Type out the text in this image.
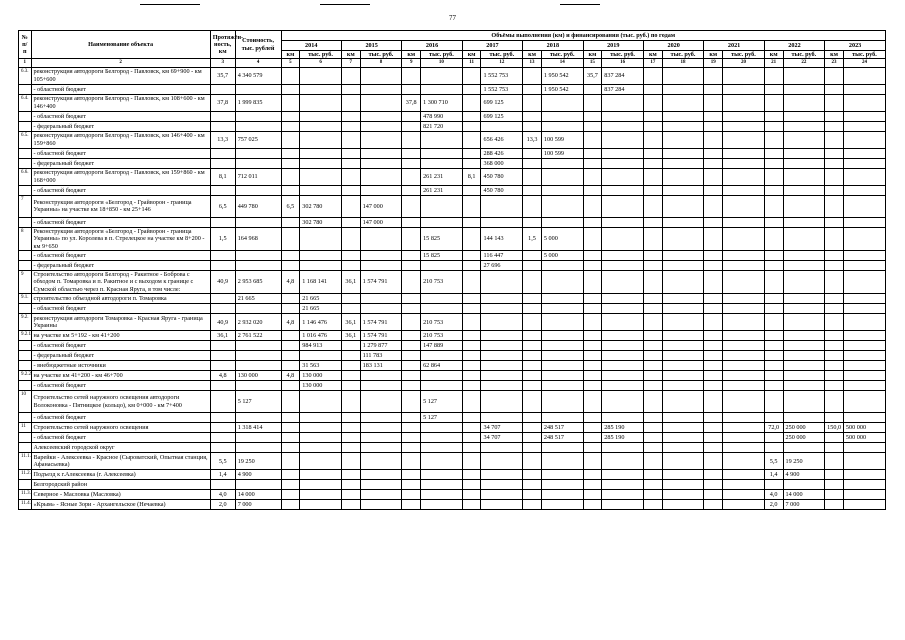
77
№ п/п	Наименование объекта	Протяжён-ность, км	Стоимость, тыс. рублей	Объёмы выполнения (км) и финансирования (тыс. руб.) по годам																			
				2014		2015		2016		2017		2018		2019		2020		2021		2022		2023	
				км	тыс. руб.	км	тыс. руб.	км	тыс. руб.	км	тыс. руб.	км	тыс. руб.	км	тыс. руб.	км	тыс. руб.	км	тыс. руб.	км	тыс. руб.	км	тыс. руб.
1	2	3	4	5	6	7	8	9	10	11	12	13	14	15	16	17	18	19	20	21	22	23	24
6.3.	реконструкция автодороги Белгород - Павловск, км 69+900 - км 105+600	35,7	4 340 579								1 552 753		1 950 542	35,7	837 284								
	- областной бюджет										1 552 753		1 950 542		837 284								
6.4.	реконструкция автодороги Белгород - Павловск, км 108+600 - км 146+400	37,8	1 999 835					37,8	1 300 710		699 125												
	- областной бюджет								478 990		699 125												
	- федеральный бюджет								821 720														
6.5.	реконструкция автодороги Белгород - Павловск, км 146+400 - км 159+860	13,3	757 025								656 426	13,3	100 599										
	- областной бюджет										288 426		100 599										
	- федеральный бюджет										368 000												
6.6.	реконструкция автодороги Белгород - Павловск, км 159+860 - км 168+000	8,1	712 011						261 231	8,1	450 780												
	- областной бюджет								261 231		450 780												
7	Реконструкция автодороги «Белгород - Грайворон - граница Украины» на участке км 18+850 - км 25+146	6,5	449 780	6,5	302 780		147 000																
	- областной бюджет				302 780		147 000																
8	Реконструкция автодороги «Белгород - Грайворон - граница Украины» по ул. Королева в п. Стрелецкое на участке км 8+200 - км 9+650	1,5	164 968						15 825		144 143	1,5	5 000										
	- областной бюджет								15 825		116 447		5 000										
	- федеральный бюджет										27 696												
9	Строительство автодороги Белгород - Ракитное - Боброва с обходом п. Томаровка и п. Ракитное и с выходом к границе с Сумской областью через п. Красная Яруга, в том числе:	40,9	2 953 685	4,8	1 168 141	36,1	1 574 791		210 753														
9.1.	строительство объездной автодороги п. Томаровка		21 665		21 665																		
	- областной бюджет				21 665																		
9.2.	реконструкция автодороги Томаровка - Красная Яруга - граница Украины	40,9	2 932 020	4,8	1 146 476	36,1	1 574 791		210 753														
9.2.1.	на участке км 5+192 - км 41+200	36,1	2 761 522		1 016 476	36,1	1 574 791		210 753														
	- областной бюджет				984 913		1 279 877		147 889														
	- федеральный бюджет						111 783																
	- внебюджетные источники				31 563		183 131		62 864														
9.2.2.	на участке км 41+200 - км 46+700	4,8	130 000	4,8	130 000																		
	- областной бюджет				130 000																		
10	Строительство сетей наружного освещения автодороги Волоконовка - Пятницкое (кольцо), км 0+000 - км 7+400		5 127						5 127														
	- областной бюджет								5 127														
11	Строительство сетей наружного освещения		1 318 414								34 707		248 517		285 190					72,0	250 000	150,0	500 000
	- областной бюджет										34 707		248 517		285 190						250 000		500 000
	Алексеевский городской округ																						
11.1.	Варейки - Алексеевка - Красное (Сыроватский, Опытная станция, Афанасьевка)	5,5	19 250																	5,5	19 250		
11.2.	Подъезд к г.Алексеевка (г. Алексеевка)	1,4	4 900																	1,4	4 900		
	Белгородский район																						
11.3.	Северное - Масловка (Масловка)	4,0	14 000																	4,0	14 000		
11.4.	«Крым» - Ясные Зори - Архангельское (Нечаевка)	2,0	7 000																	2,0	7 000		
